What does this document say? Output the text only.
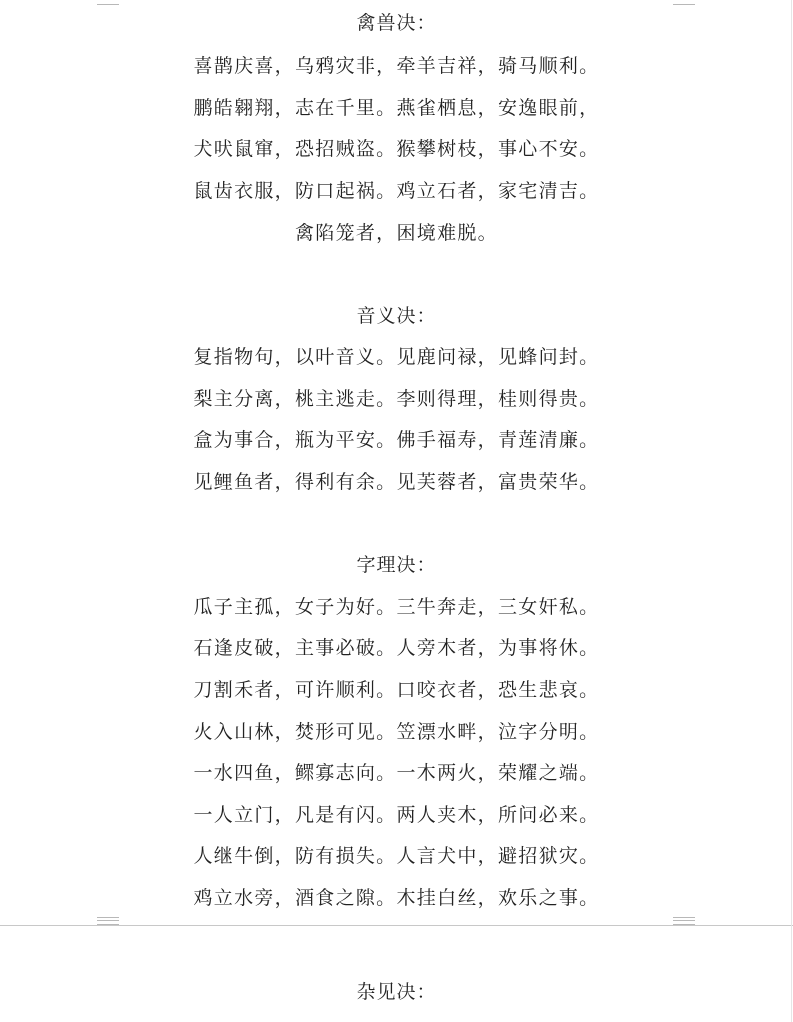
禽兽决：
喜鹊庆喜，乌鸦灾非，牵羊吉祥，骑马顺利。
鹏皓翱翔，志在千里。燕雀栖息，安逸眼前，
犬吠鼠窜，恐招贼盗。猴攀树枝，事心不安。
鼠齿衣服，防口起祸。鸡立石者，家宅清吉。
禽陷笼者，困境难脱。
音义决：
复指物句，以叶音义。见鹿问禄，见蜂问封。
梨主分离，桃主逃走。李则得理，桂则得贵。
盒为事合，瓶为平安。佛手福寿，青莲清廉。
见鲤鱼者，得利有余。见芙蓉者，富贵荣华。
字理决：
瓜子主孤，女子为好。三牛奔走，三女奸私。
石逢皮破，主事必破。人旁木者，为事将休。
刀割禾者，可许顺利。口咬衣者，恐生悲哀。
火入山林，焚形可见。笠漂水畔，泣字分明。
一水四鱼，鳏寡志向。一木两火，荣耀之端。
一人立门，凡是有闪。两人夹木，所问必来。
人继牛倒，防有损失。人言犬中，避招狱灾。
鸡立水旁，酒食之隙。木挂白丝，欢乐之事。
杂见决：
